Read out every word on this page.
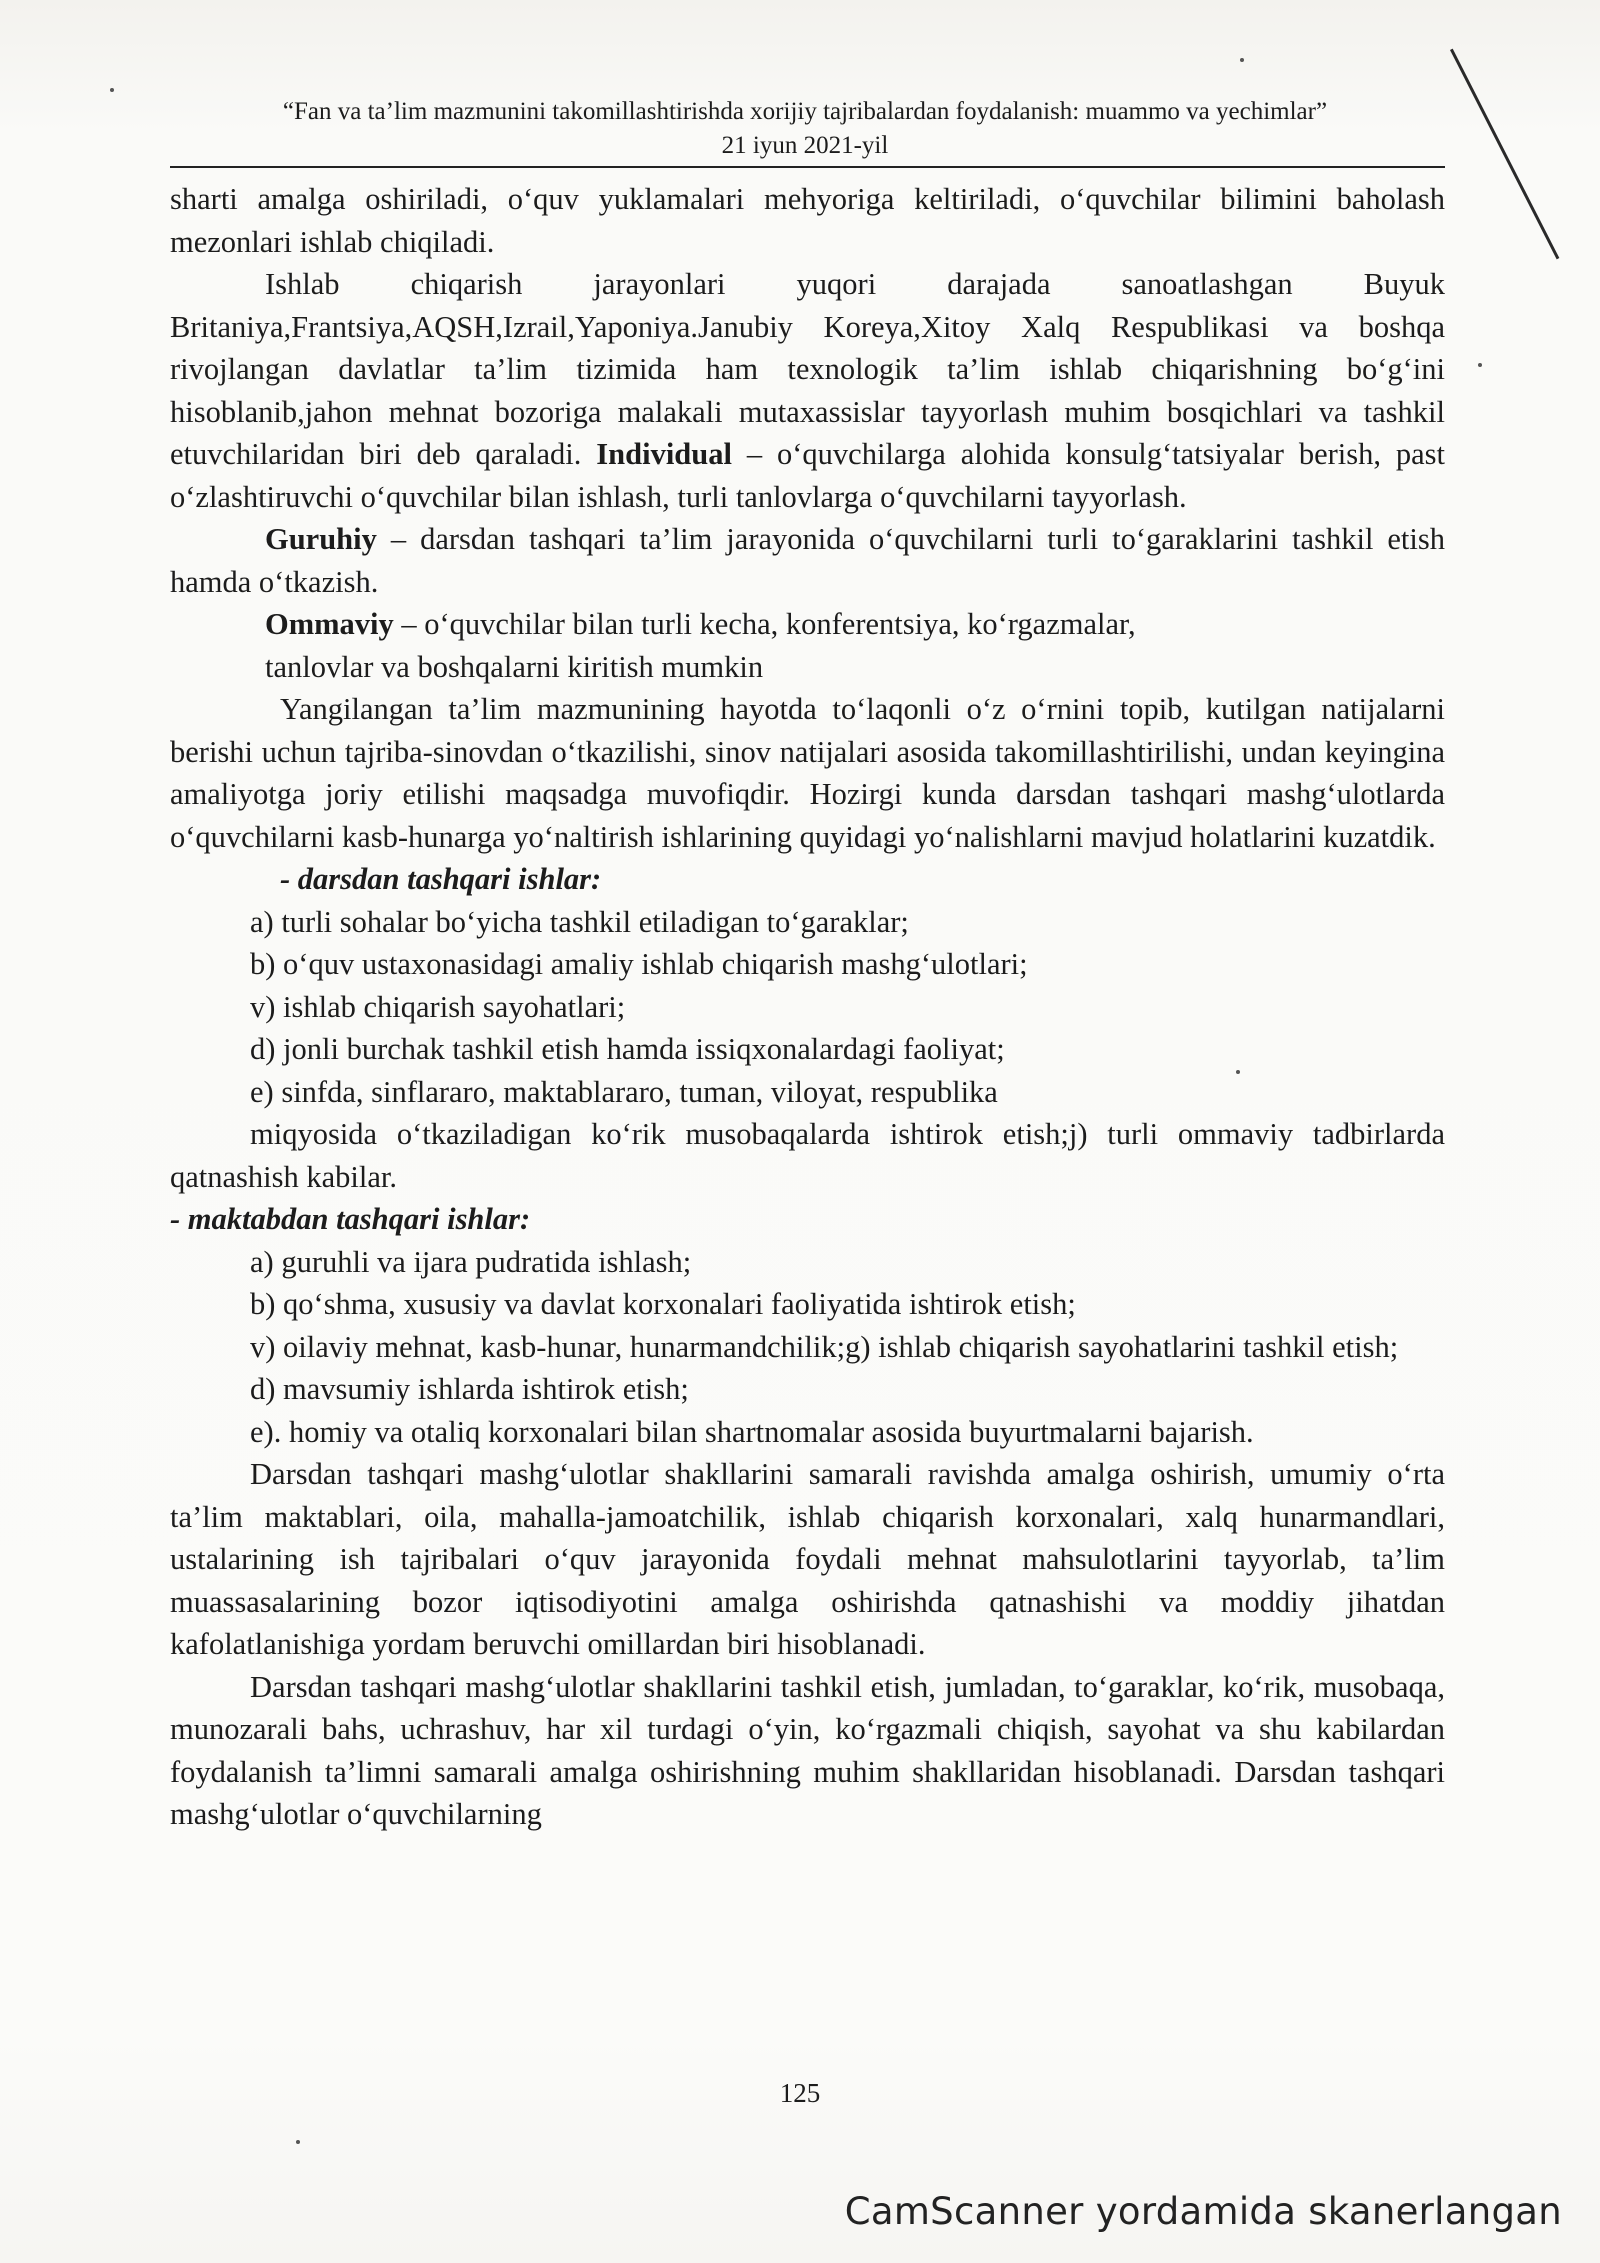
“Fan va ta’lim mazmunini takomillashtirishda xorijiy tajribalardan foydalanish: muammo va yechimlar”
21 iyun 2021-yil

sharti amalga oshiriladi, o‘quv yuklamalari mehyoriga keltiriladi, o‘quvchilar bilimini baholash mezonlari ishlab chiqiladi.

Ishlab chiqarish jarayonlari yuqori darajada sanoatlashgan Buyuk Britaniya,Frantsiya,AQSH,Izrail,Yaponiya.Janubiy Koreya,Xitoy Xalq Respublikasi va boshqa rivojlangan davlatlar ta’lim tizimida ham texnologik ta’lim ishlab chiqarishning bo‘g‘ini hisoblanib,jahon mehnat bozoriga malakali mutaxassislar tayyorlash muhim bosqichlari va tashkil etuvchilaridan biri deb qaraladi. Individual – o‘quvchilarga alohida konsulg‘tatsiyalar berish, past o‘zlashtiruvchi o‘quvchilar bilan ishlash, turli tanlovlarga o‘quvchilarni tayyorlash.

Guruhiy – darsdan tashqari ta’lim jarayonida o‘quvchilarni turli to‘garaklarini tashkil etish hamda o‘tkazish.

Ommaviy – o‘quvchilar bilan turli kecha, konferentsiya, ko‘rgazmalar,

tanlovlar va boshqalarni kiritish mumkin

Yangilangan ta’lim mazmunining hayotda to‘laqonli o‘z o‘rnini topib, kutilgan natijalarni berishi uchun tajriba-sinovdan o‘tkazilishi, sinov natijalari asosida takomillashtirilishi, undan keyingina amaliyotga joriy etilishi maqsadga muvofiqdir. Hozirgi kunda darsdan tashqari mashg‘ulotlarda o‘quvchilarni kasb-hunarga yo‘naltirish ishlarining quyidagi yo‘nalishlarni mavjud holatlarini kuzatdik.

- darsdan tashqari ishlar:

a) turli sohalar bo‘yicha tashkil etiladigan to‘garaklar;

b) o‘quv ustaxonasidagi amaliy ishlab chiqarish mashg‘ulotlari;

v) ishlab chiqarish sayohatlari;

d) jonli burchak tashkil etish hamda issiqxonalardagi faoliyat;

e) sinfda, sinflararo, maktablararo, tuman, viloyat, respublika

miqyosida o‘tkaziladigan ko‘rik musobaqalarda ishtirok etish;j) turli ommaviy tadbirlarda qatnashish kabilar.

- maktabdan tashqari ishlar:

a) guruhli va ijara pudratida ishlash;

b) qo‘shma, xususiy va davlat korxonalari faoliyatida ishtirok etish;

v) oilaviy mehnat, kasb-hunar, hunarmandchilik;g) ishlab chiqarish sayohatlarini tashkil etish;

d) mavsumiy ishlarda ishtirok etish;

e). homiy va otaliq korxonalari bilan shartnomalar asosida buyurtmalarni bajarish.

Darsdan tashqari mashg‘ulotlar shakllarini samarali ravishda amalga oshirish, umumiy o‘rta ta’lim maktablari, oila, mahalla-jamoatchilik, ishlab chiqarish korxonalari, xalq hunarmandlari, ustalarining ish tajribalari o‘quv jarayonida foydali mehnat mahsulotlarini tayyorlab, ta’lim muassasalarining bozor iqtisodiyotini amalga oshirishda qatnashishi va moddiy jihatdan kafolatlanishiga yordam beruvchi omillardan biri hisoblanadi.

Darsdan tashqari mashg‘ulotlar shakllarini tashkil etish, jumladan, to‘garaklar, ko‘rik, musobaqa, munozarali bahs, uchrashuv, har xil turdagi o‘yin, ko‘rgazmali chiqish, sayohat va shu kabilardan foydalanish ta’limni samarali amalga oshirishning muhim shakllaridan hisoblanadi. Darsdan tashqari mashg‘ulotlar o‘quvchilarning

125
CamScanner yordamida skanerlangan
